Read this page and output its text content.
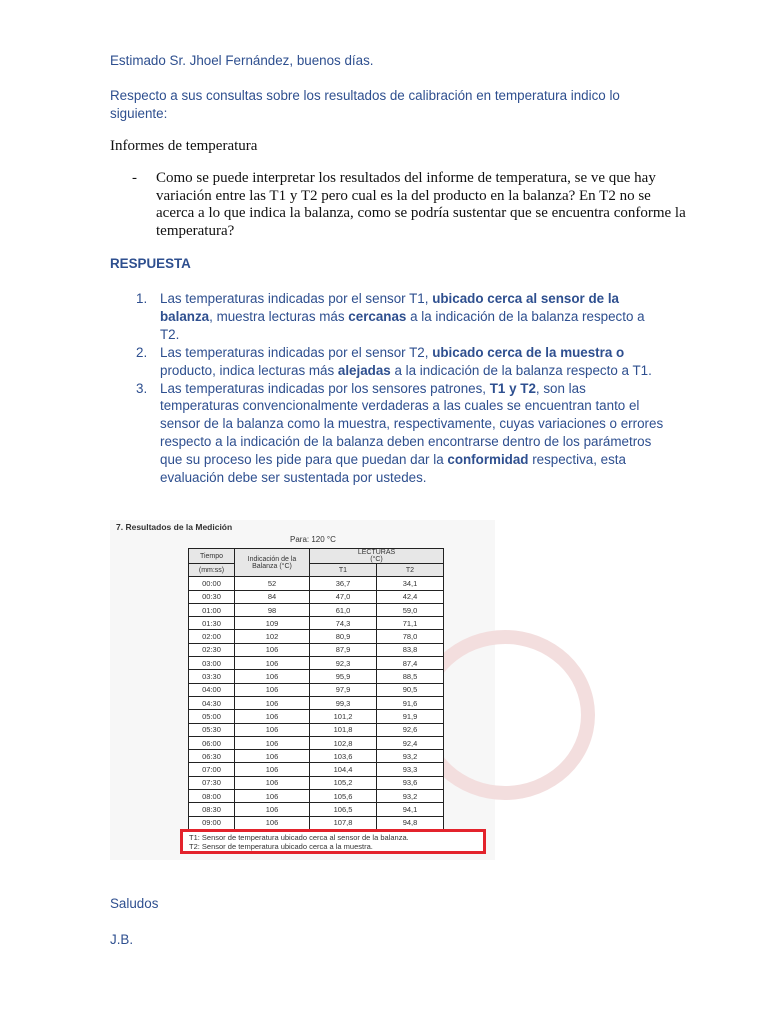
Estimado Sr. Jhoel Fernández, buenos días.
Respecto a sus consultas sobre los resultados de calibración en temperatura indico lo siguiente:
Informes de temperatura
- Como se puede interpretar los resultados del informe de temperatura, se ve que hay variación entre las T1 y T2 pero cual es la del producto en la balanza? En T2 no se acerca a lo que indica la balanza, como se podría sustentar que se encuentra conforme la temperatura?
RESPUESTA
1. Las temperaturas indicadas por el sensor T1, ubicado cerca al sensor de la balanza, muestra lecturas más cercanas a la indicación de la balanza respecto a T2.
2. Las temperaturas indicadas por el sensor T2, ubicado cerca de la muestra o producto, indica lecturas más alejadas a la indicación de la balanza respecto a T1.
3. Las temperaturas indicadas por los sensores patrones, T1 y T2, son las temperaturas convencionalmente verdaderas a las cuales se encuentran tanto el sensor de la balanza como la muestra, respectivamente, cuyas variaciones o errores respecto a la indicación de la balanza deben encontrarse dentro de los parámetros que su proceso les pide para que puedan dar la conformidad respectiva, esta evaluación debe ser sustentada por ustedes.
7. Resultados de la Medición
Para: 120 °C
Tiempo	Indicación de la Balanza (°C)	LECTURAS
(°C)	
(mm:ss)		T1	T2
00:00	52	36,7	34,1
00:30	84	47,0	42,4
01:00	98	61,0	59,0
01:30	109	74,3	71,1
02:00	102	80,9	78,0
02:30	106	87,9	83,8
03:00	106	92,3	87,4
03:30	106	95,9	88,5
04:00	106	97,9	90,5
04:30	106	99,3	91,6
05:00	106	101,2	91,9
05:30	106	101,8	92,6
06:00	106	102,8	92,4
06:30	106	103,6	93,2
07:00	106	104,4	93,3
07:30	106	105,2	93,6
08:00	106	105,6	93,2
08:30	106	106,5	94,1
09:00	106	107,8	94,8
T1: Sensor de temperatura ubicado cerca al sensor de la balanza.
T2: Sensor de temperatura ubicado cerca a la muestra.
Saludos
J.B.
